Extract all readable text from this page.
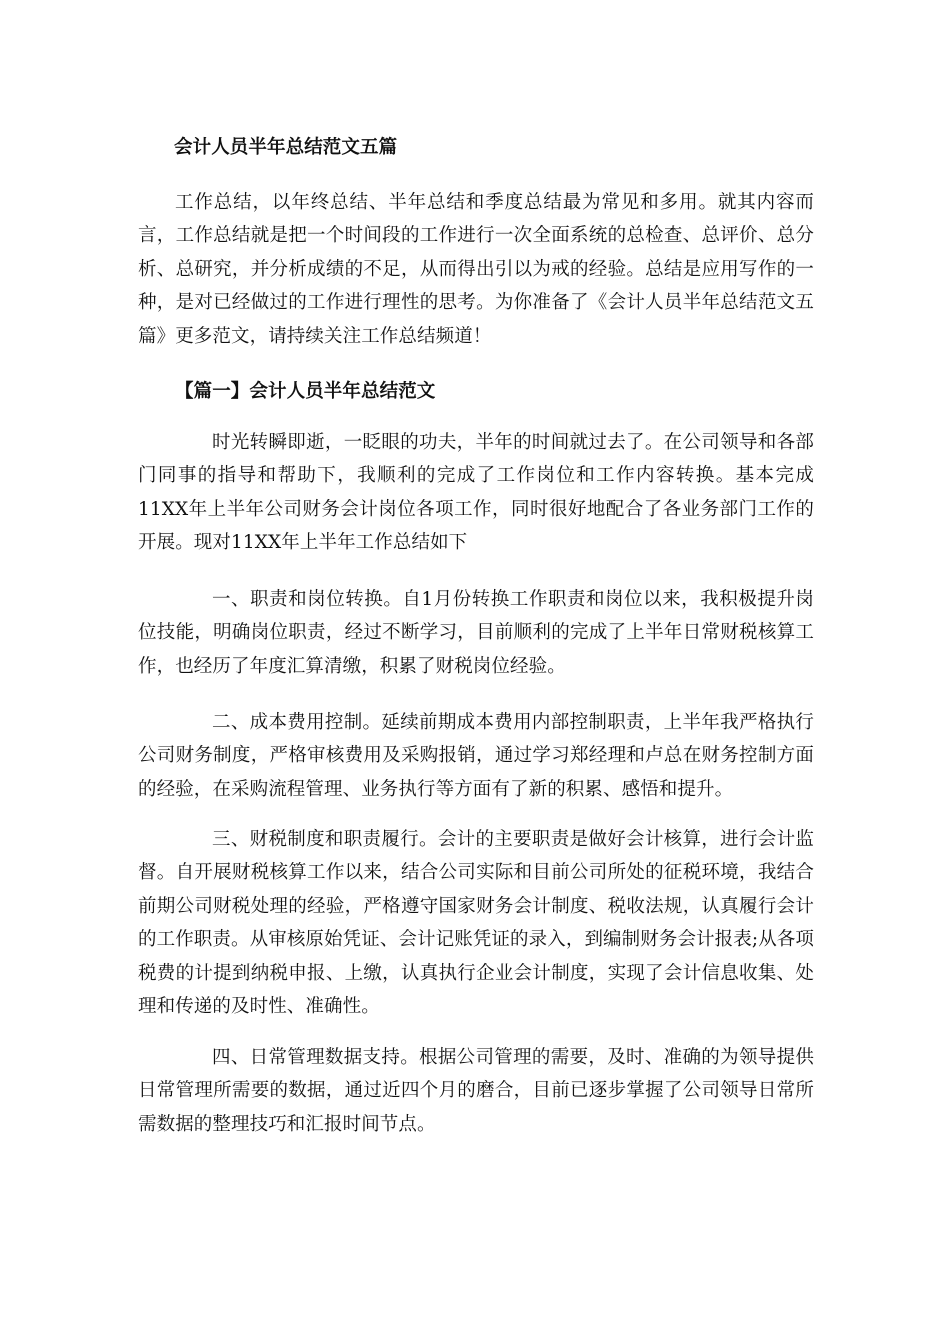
会计人员半年总结范文五篇

工作总结，以年终总结、半年总结和季度总结最为常见和多用。就其内容而言，工作总结就是把一个时间段的工作进行一次全面系统的总检查、总评价、总分析、总研究，并分析成绩的不足，从而得出引以为戒的经验。总结是应用写作的一种，是对已经做过的工作进行理性的思考。为你准备了《会计人员半年总结范文五篇》更多范文，请持续关注工作总结频道！

【篇一】会计人员半年总结范文

时光转瞬即逝，一眨眼的功夫，半年的时间就过去了。在公司领导和各部门同事的指导和帮助下，我顺利的完成了工作岗位和工作内容转换。基本完成11XX年上半年公司财务会计岗位各项工作，同时很好地配合了各业务部门工作的开展。现对11XX年上半年工作总结如下

一、职责和岗位转换。自1月份转换工作职责和岗位以来，我积极提升岗位技能，明确岗位职责，经过不断学习，目前顺利的完成了上半年日常财税核算工作，也经历了年度汇算清缴，积累了财税岗位经验。

二、成本费用控制。延续前期成本费用内部控制职责，上半年我严格执行公司财务制度，严格审核费用及采购报销，通过学习郑经理和卢总在财务控制方面的经验，在采购流程管理、业务执行等方面有了新的积累、感悟和提升。

三、财税制度和职责履行。会计的主要职责是做好会计核算，进行会计监督。自开展财税核算工作以来，结合公司实际和目前公司所处的征税环境，我结合前期公司财税处理的经验，严格遵守国家财务会计制度、税收法规，认真履行会计的工作职责。从审核原始凭证、会计记账凭证的录入，到编制财务会计报表;从各项税费的计提到纳税申报、上缴，认真执行企业会计制度，实现了会计信息收集、处理和传递的及时性、准确性。

四、日常管理数据支持。根据公司管理的需要，及时、准确的为领导提供日常管理所需要的数据，通过近四个月的磨合，目前已逐步掌握了公司领导日常所需数据的整理技巧和汇报时间节点。
